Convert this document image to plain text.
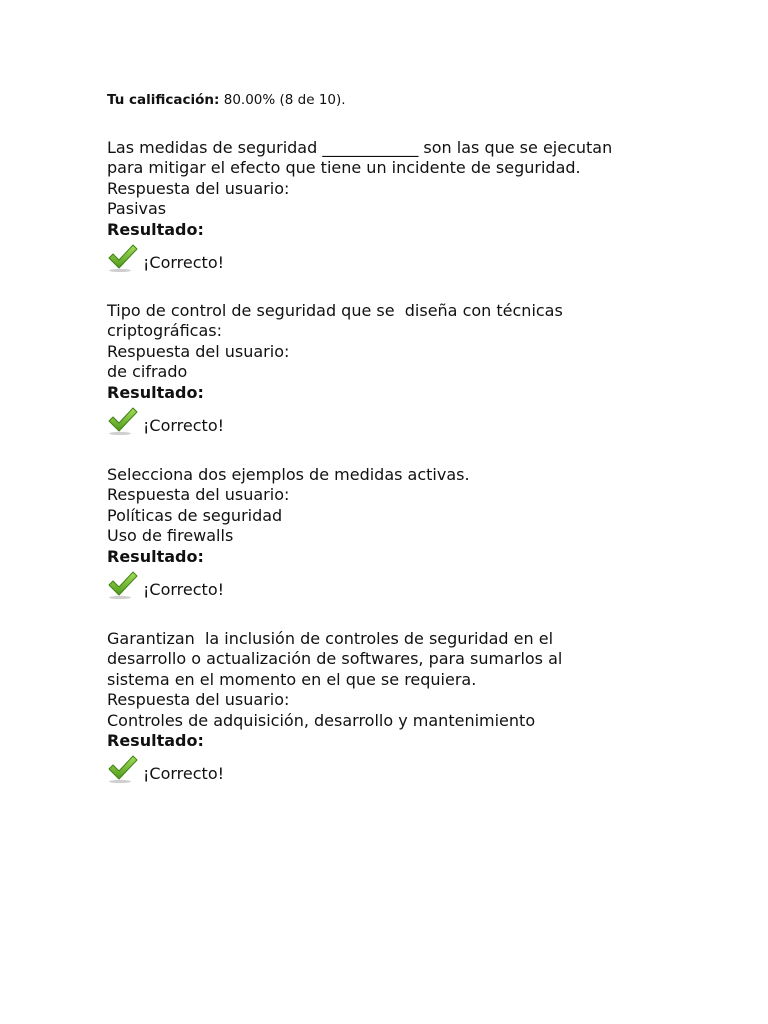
Tu calificación: 80.00% (8 de 10).
Las medidas de seguridad ____________ son las que se ejecutan
para mitigar el efecto que tiene un incidente de seguridad.
Respuesta del usuario:
Pasivas
Resultado:
¡Correcto!
Tipo de control de seguridad que se  diseña con técnicas
criptográficas:
Respuesta del usuario:
de cifrado
Resultado:
¡Correcto!
Selecciona dos ejemplos de medidas activas.
Respuesta del usuario:
Políticas de seguridad
Uso de firewalls
Resultado:
¡Correcto!
Garantizan  la inclusión de controles de seguridad en el
desarrollo o actualización de softwares, para sumarlos al
sistema en el momento en el que se requiera.
Respuesta del usuario:
Controles de adquisición, desarrollo y mantenimiento
Resultado:
¡Correcto!
